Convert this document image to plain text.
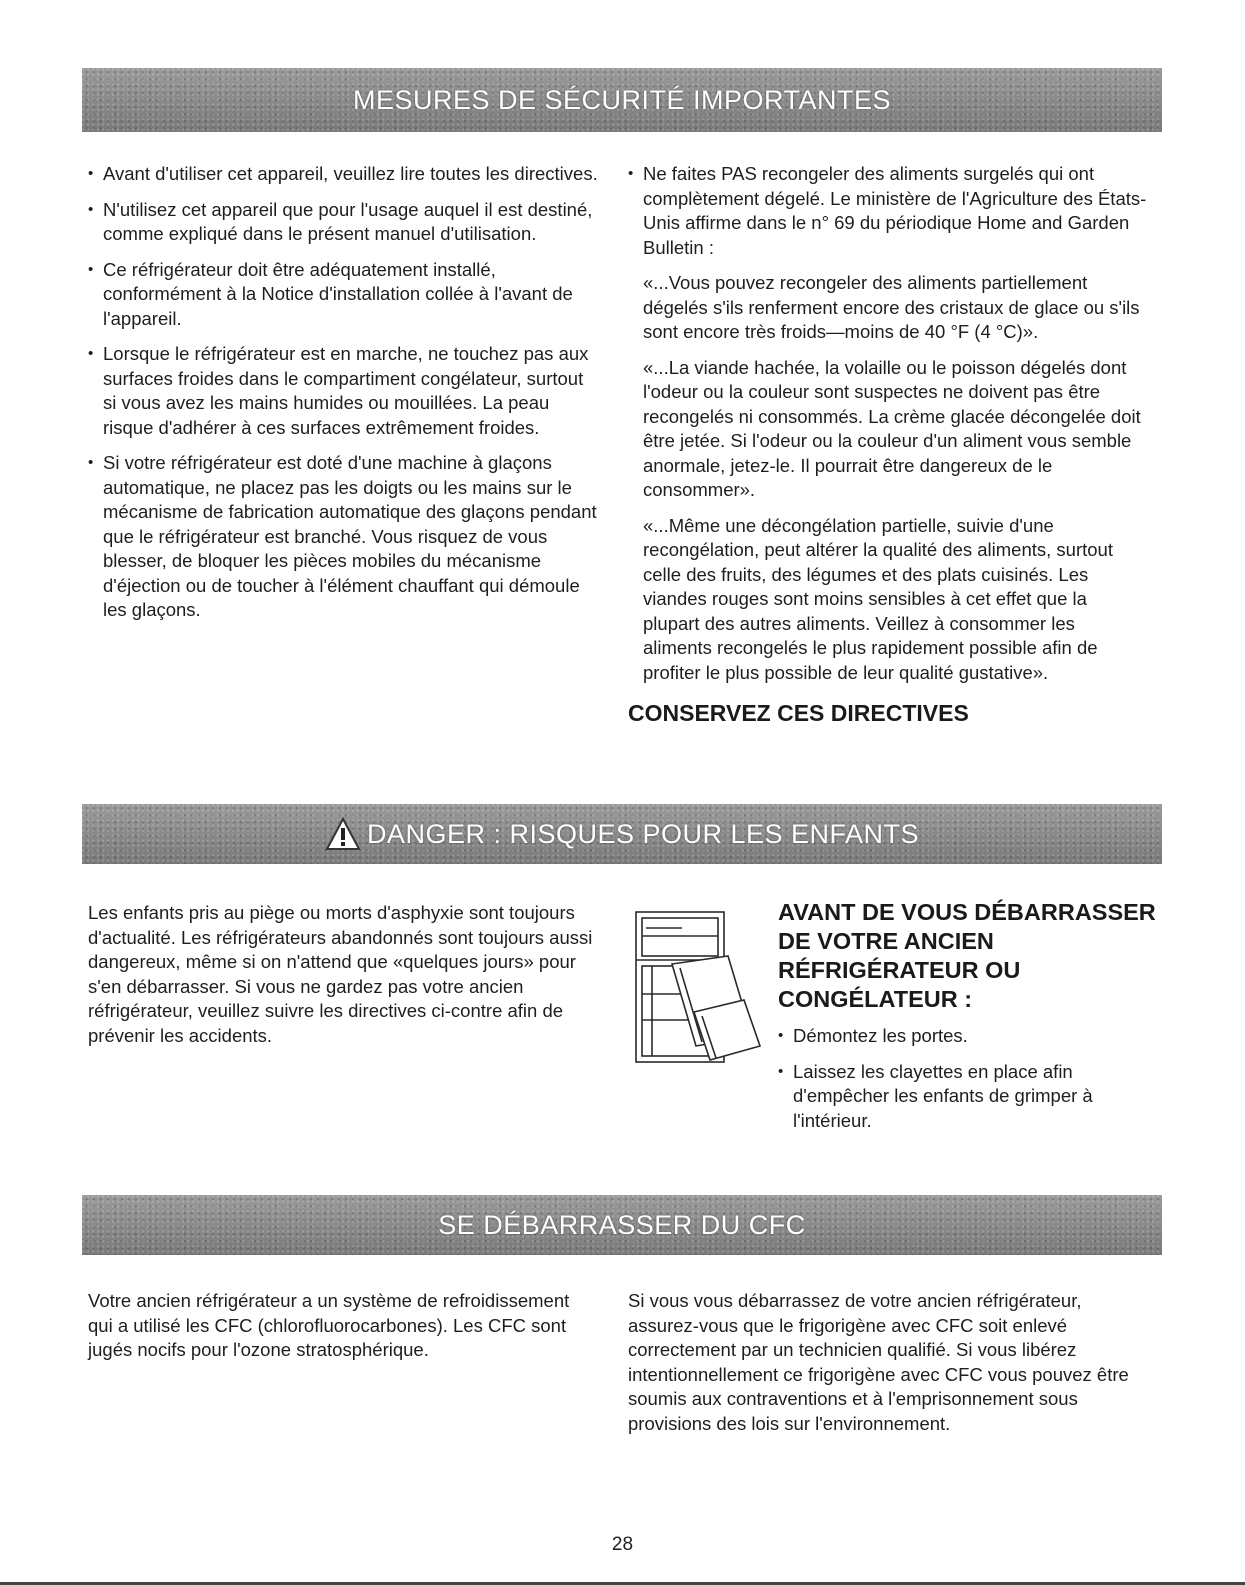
MESURES DE SÉCURITÉ IMPORTANTES
• Avant d'utiliser cet appareil, veuillez lire toutes les directives.
• N'utilisez cet appareil que pour l'usage auquel il est destiné, comme expliqué dans le présent manuel d'utilisation.
• Ce réfrigérateur doit être adéquatement installé, conformément à la Notice d'installation collée à l'avant de l'appareil.
• Lorsque le réfrigérateur est en marche, ne touchez pas aux surfaces froides dans le compartiment congélateur, surtout si vous avez les mains humides ou mouillées. La peau risque d'adhérer à ces surfaces extrêmement froides.
• Si votre réfrigérateur est doté d'une machine à glaçons automatique, ne placez pas les doigts ou les mains sur le mécanisme de fabrication automatique des glaçons pendant que le réfrigérateur est branché. Vous risquez de vous blesser, de bloquer les pièces mobiles du mécanisme d'éjection ou de toucher à l'élément chauffant qui démoule les glaçons.
• Ne faites PAS recongeler des aliments surgelés qui ont complètement dégelé. Le ministère de l'Agriculture des États-Unis affirme dans le n° 69 du périodique Home and Garden Bulletin :

«...Vous pouvez recongeler des aliments partiellement dégelés s'ils renferment encore des cristaux de glace ou s'ils sont encore très froids—moins de 40 °F (4 °C)».

«...La viande hachée, la volaille ou le poisson dégelés dont l'odeur ou la couleur sont suspectes ne doivent pas être recongelés ni consommés. La crème glacée décongelée doit être jetée. Si l'odeur ou la couleur d'un aliment vous semble anormale, jetez-le. Il pourrait être dangereux de le consommer».

«...Même une décongélation partielle, suivie d'une recongélation, peut altérer la qualité des aliments, surtout celle des fruits, des légumes et des plats cuisinés. Les viandes rouges sont moins sensibles à cet effet que la plupart des autres aliments. Veillez à consommer les aliments recongelés le plus rapidement possible afin de profiter le plus possible de leur qualité gustative».

CONSERVEZ CES DIRECTIVES
DANGER : RISQUES POUR LES ENFANTS

Les enfants pris au piège ou morts d'asphyxie sont toujours d'actualité. Les réfrigérateurs abandonnés sont toujours aussi dangereux, même si on n'attend que «quelques jours» pour s'en débarrasser. Si vous ne gardez pas votre ancien réfrigérateur, veuillez suivre les directives ci-contre afin de prévenir les accidents.

AVANT DE VOUS DÉBARRASSER DE VOTRE ANCIEN RÉFRIGÉRATEUR OU CONGÉLATEUR :
• Démontez les portes.
• Laissez les clayettes en place afin d'empêcher les enfants de grimper à l'intérieur.
SE DÉBARRASSER DU CFC

Votre ancien réfrigérateur a un système de refroidissement qui a utilisé les CFC (chlorofluorocarbones). Les CFC sont jugés nocifs pour l'ozone stratosphérique.

Si vous vous débarrassez de votre ancien réfrigérateur, assurez-vous que le frigorigène avec CFC soit enlevé correctement par un technicien qualifié. Si vous libérez intentionnellement ce frigorigène avec CFC vous pouvez être soumis aux contraventions et à l'emprisonnement sous provisions des lois sur l'environnement.

28
